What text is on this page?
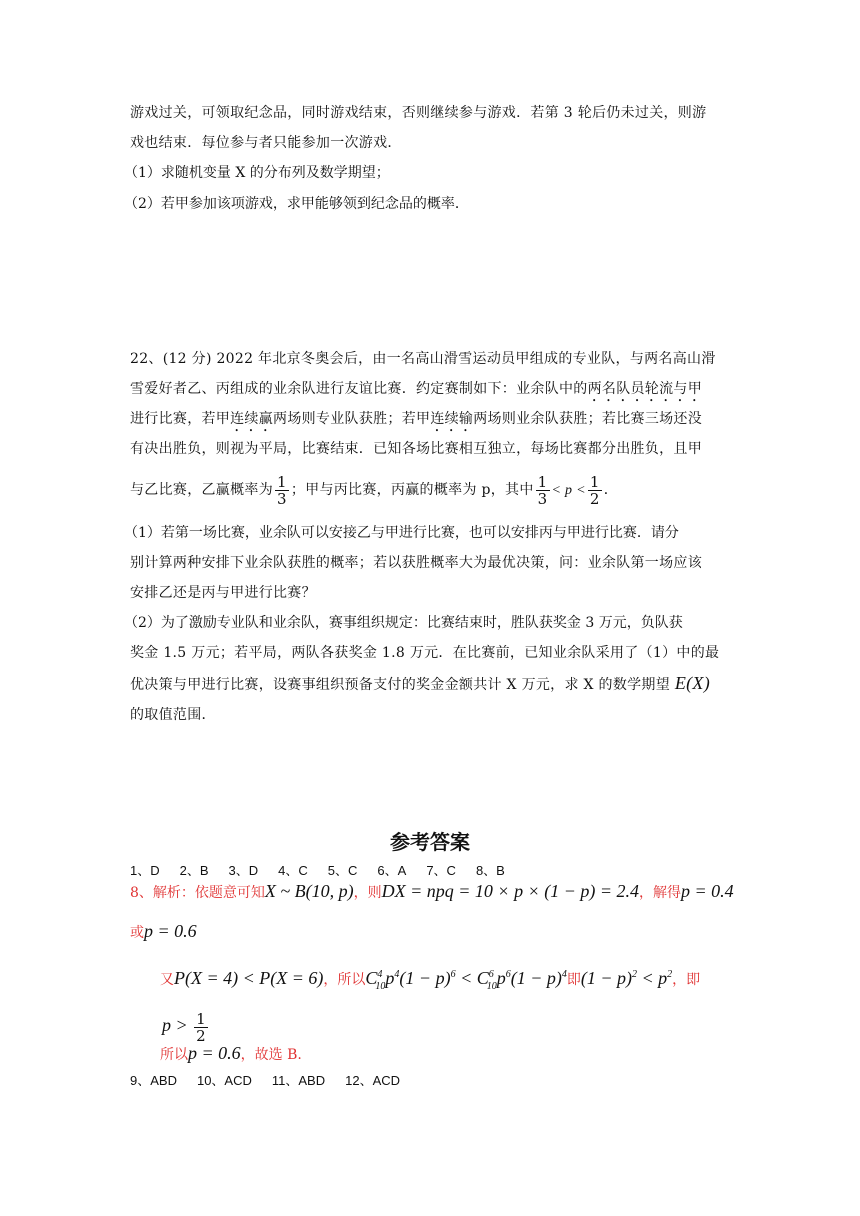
游戏过关，可领取纪念品，同时游戏结束，否则继续参与游戏．若第 3 轮后仍未过关，则游
戏也结束．每位参与者只能参加一次游戏．
（1）求随机变量 X 的分布列及数学期望；
（2）若甲参加该项游戏，求甲能够领到纪念品的概率．
22、(12 分) 2022 年北京冬奥会后，由一名高山滑雪运动员甲组成的专业队，与两名高山滑
雪爱好者乙、丙组成的业余队进行友谊比赛．约定赛制如下：业余队中的两名队员轮流与甲
进行比赛，若甲连续赢两场则专业队获胜；若甲连续输两场则业余队获胜；若比赛三场还没
有决出胜负，则视为平局，比赛结束．已知各场比赛相互独立，每场比赛都分出胜负，且甲
与乙比赛，乙赢概率为 $\frac{1}{3}$ ；甲与丙比赛，丙赢的概率为 p，其中 $\frac{1}{3} < p < \frac{1}{2}$ ．
（1）若第一场比赛，业余队可以安接乙与甲进行比赛，也可以安排丙与甲进行比赛．请分
别计算两种安排下业余队获胜的概率；若以获胜概率大为最优决策，问：业余队第一场应该
安排乙还是丙与甲进行比赛？
（2）为了激励专业队和业余队，赛事组织规定：比赛结束时，胜队获奖金 3 万元，负队获
奖金 1.5 万元；若平局，两队各获奖金 1.8 万元．在比赛前，已知业余队采用了（1）中的最
优决策与甲进行比赛，设赛事组织预备支付的奖金金额共计 X 万元，求 X 的数学期望 E(X)
的取值范围．
参考答案
1、D 2、B 3、D 4、C 5、C 6、A 7、C 8、B
8、解析：依题意可知X ~ B(10, p)，则DX = npq = 10 × p × (1 − p) = 2.4，解得p = 0.4
或p = 0.6
又P(X = 4) < P(X = 6)，所以$C^4_{10}p^4(1 - p)^6 < C^6_{10}p^6(1 - p)^4$即$(1 - p)^2 < p^2$，即
$p > \frac{1}{2}$
所以p = 0.6，故选 B.
9、ABD 10、ACD 11、ABD 12、ACD
